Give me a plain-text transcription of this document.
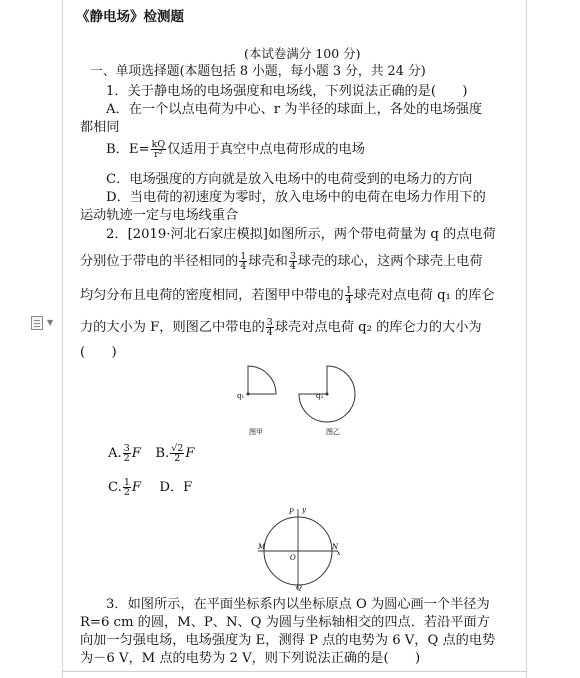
▼
《静电场》检测题
(本试卷满分 100 分)
一、单项选择题(本题包括 8 小题，每小题 3 分，共 24 分)
1．关于静电场的电场强度和电场线，下列说法正确的是(　　)
A．在一个以点电荷为中心、r 为半径的球面上，各处的电场强度
都相同
B．$E= \frac{kQ}{\text{r²}}$ 仅适用于真空中点电荷形成的电场
C．电场强度的方向就是放入电场中的电荷受到的电场力的方向
D．当电荷的初速度为零时，放入电场中的电荷在电场力作用下的
运动轨迹一定与电场线重合
2．[2019·河北石家庄模拟]如图所示，两个带电荷量为 q 的点电荷
分别位于带电的半径相同的 $\frac{1}{4}$ 球壳和 $\frac{3}{4}$ 球壳的球心，这两个球壳上电荷
均匀分布且电荷的密度相同，若图甲中带电的 $\frac{1}{4}$ 球壳对点电荷 q₁ 的库仑
力的大小为 F，则图乙中带电的 $\frac{3}{4}$ 球壳对点电荷 q₂ 的库仑力的大小为
(　　)
q₁
图甲
q₂
图乙
A. $\frac{3}{2}$ F B. $\frac{√2}{2}$ F
C. $\frac{1}{2}$ F D．F
P y
M
O
N
x
Q
3．如图所示，在平面坐标系内以坐标原点 O 为圆心画一个半径为
R=6 cm 的圆，M、P、N、Q 为圆与坐标轴相交的四点．若沿平面方
向加一匀强电场，电场强度为 E，测得 P 点的电势为 6 V，Q 点的电势
为－6 V，M 点的电势为 2 V，则下列说法正确的是(　　)
